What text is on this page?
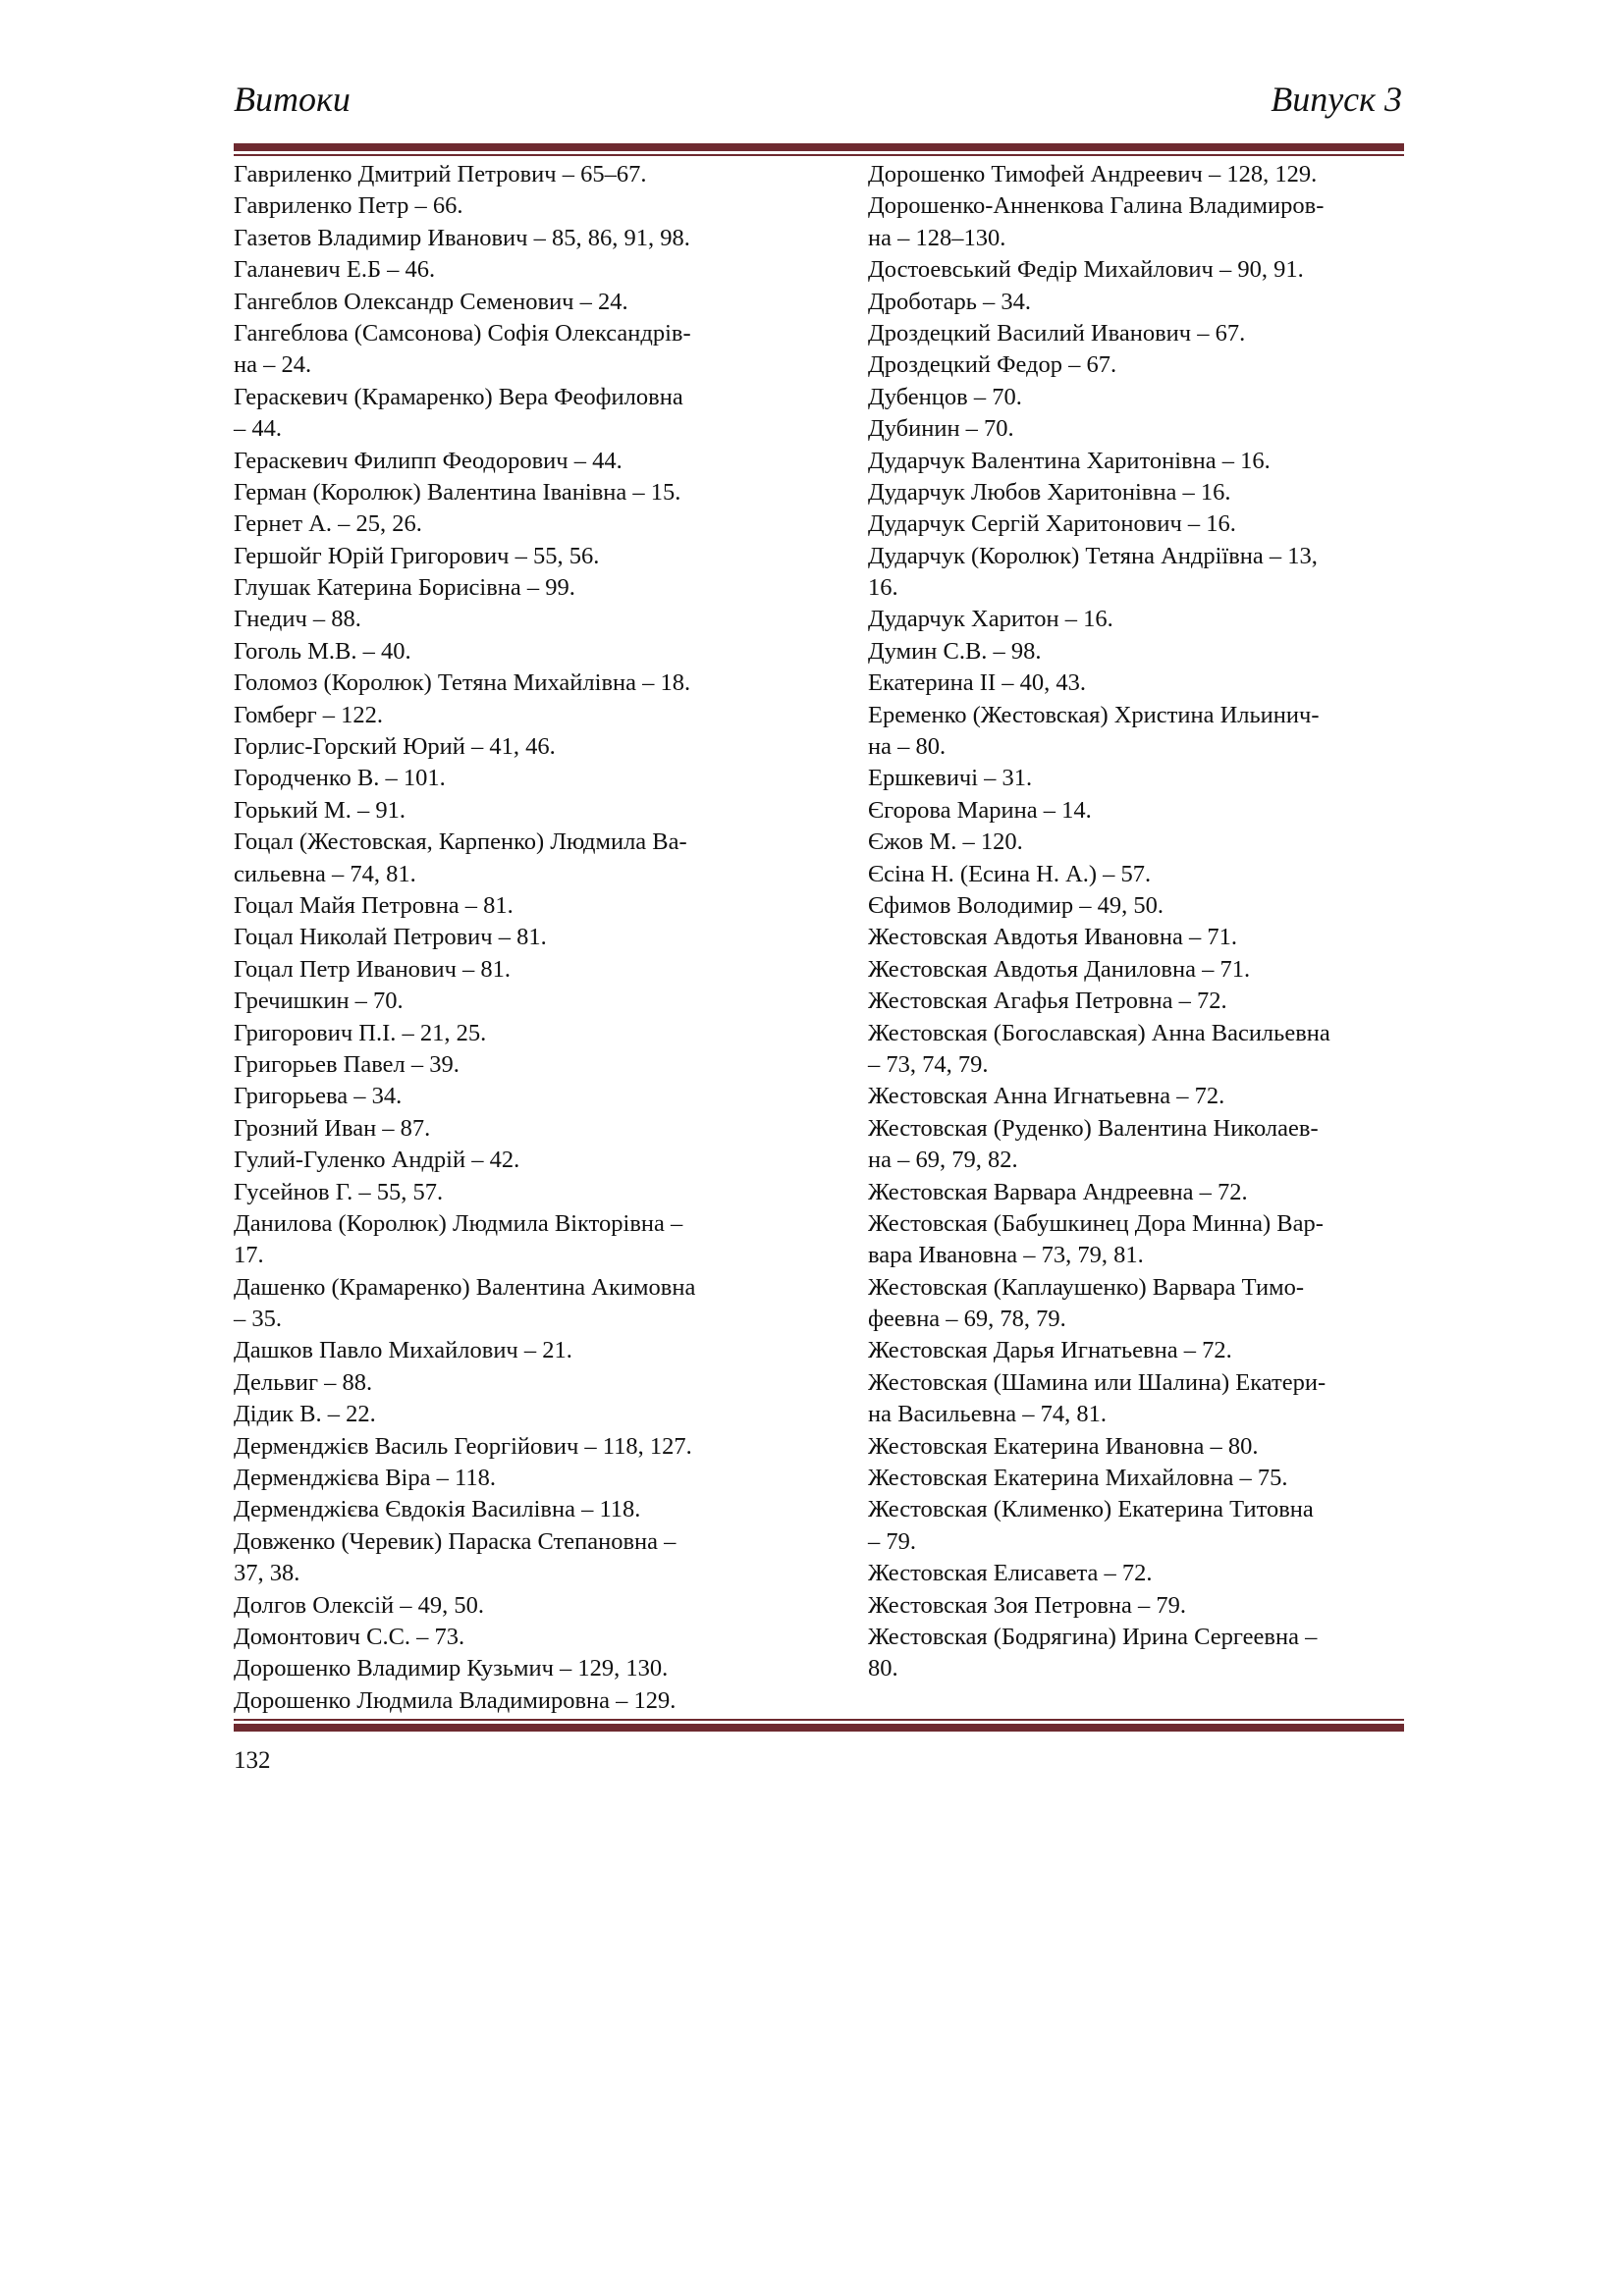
Витоки	Випуск 3
Гавриленко Дмитрий Петрович – 65–67.
Гавриленко Петр – 66.
Газетов Владимир Иванович – 85, 86, 91, 98.
Галаневич Е.Б – 46.
Гангеблов Олександр Семенович – 24.
Гангеблова (Самсонова) Софія Олександрів-
на – 24.
Гераскевич (Крамаренко) Вера Феофиловна
– 44.
Гераскевич Филипп Феодорович – 44.
Герман (Королюк) Валентина Іванівна – 15.
Гернет А. – 25, 26.
Гершойг Юрій Григорович – 55, 56.
Глушак Катерина Борисівна – 99.
Гнедич – 88.
Гоголь М.В. – 40.
Голомоз (Королюк) Тетяна Михайлівна – 18.
Гомберг – 122.
Горлис-Горский Юрий – 41, 46.
Городченко В. – 101.
Горький М. – 91.
Гоцал (Жестовская, Карпенко) Людмила Ва-
сильевна – 74, 81.
Гоцал Майя Петровна – 81.
Гоцал Николай Петрович – 81.
Гоцал Петр Иванович – 81.
Гречишкин – 70.
Григорович П.І. – 21, 25.
Григорьев Павел – 39.
Григорьева – 34.
Грозний Иван – 87.
Гулий-Гуленко Андрій – 42.
Гусейнов Г. – 55, 57.
Данилова (Королюк) Людмила Вікторівна –
17.
Дашенко (Крамаренко) Валентина Акимовна
– 35.
Дашков Павло Михайлович – 21.
Дельвиг – 88.
Дідик В. – 22.
Дерменджієв Василь Георгійович – 118, 127.
Дерменджієва Віра – 118.
Дерменджієва Євдокія Василівна – 118.
Довженко (Черевик) Параска Степановна –
37, 38.
Долгов Олексій – 49, 50.
Домонтович С.С. – 73.
Дорошенко Владимир Кузьмич – 129, 130.
Дорошенко Людмила Владимировна – 129.
Дорошенко Тимофей Андреевич – 128, 129.
Дорошенко-Анненкова Галина Владимиров-
на – 128–130.
Достоевський Федір Михайлович – 90, 91.
Дроботарь – 34.
Дроздецкий Василий Иванович – 67.
Дроздецкий Федор – 67.
Дубенцов – 70.
Дубинин – 70.
Дударчук Валентина Харитонівна – 16.
Дударчук Любов Харитонівна – 16.
Дударчук Сергій Харитонович – 16.
Дударчук (Королюк) Тетяна Андріївна – 13,
16.
Дударчук Харитон – 16.
Думин С.В. – 98.
Екатерина ІІ – 40, 43.
Еременко (Жестовская) Христина Ильинич-
на – 80.
Ершкевичі – 31.
Єгорова Марина – 14.
Єжов М. – 120.
Єсіна Н. (Есина Н. А.) – 57.
Єфимов Володимир – 49, 50.
Жестовская Авдотья Ивановна – 71.
Жестовская Авдотья Даниловна – 71.
Жестовская Агафья Петровна – 72.
Жестовская (Богославская) Анна Васильевна
– 73, 74, 79.
Жестовская Анна Игнатьевна – 72.
Жестовская (Руденко) Валентина Николаев-
на – 69, 79, 82.
Жестовская Варвара Андреевна – 72.
Жестовская (Бабушкинец Дора Минна) Вар-
вара Ивановна – 73, 79, 81.
Жестовская (Каплаушенко) Варвара Тимо-
феевна – 69, 78, 79.
Жестовская Дарья Игнатьевна – 72.
Жестовская (Шамина или Шалина) Екатери-
на Васильевна – 74, 81.
Жестовская Екатерина Ивановна – 80.
Жестовская Екатерина Михайловна – 75.
Жестовская (Клименко) Екатерина Титовна
– 79.
Жестовская Елисавета – 72.
Жестовская Зоя Петровна – 79.
Жестовская (Бодрягина) Ирина Сергеевна –
80.
132
